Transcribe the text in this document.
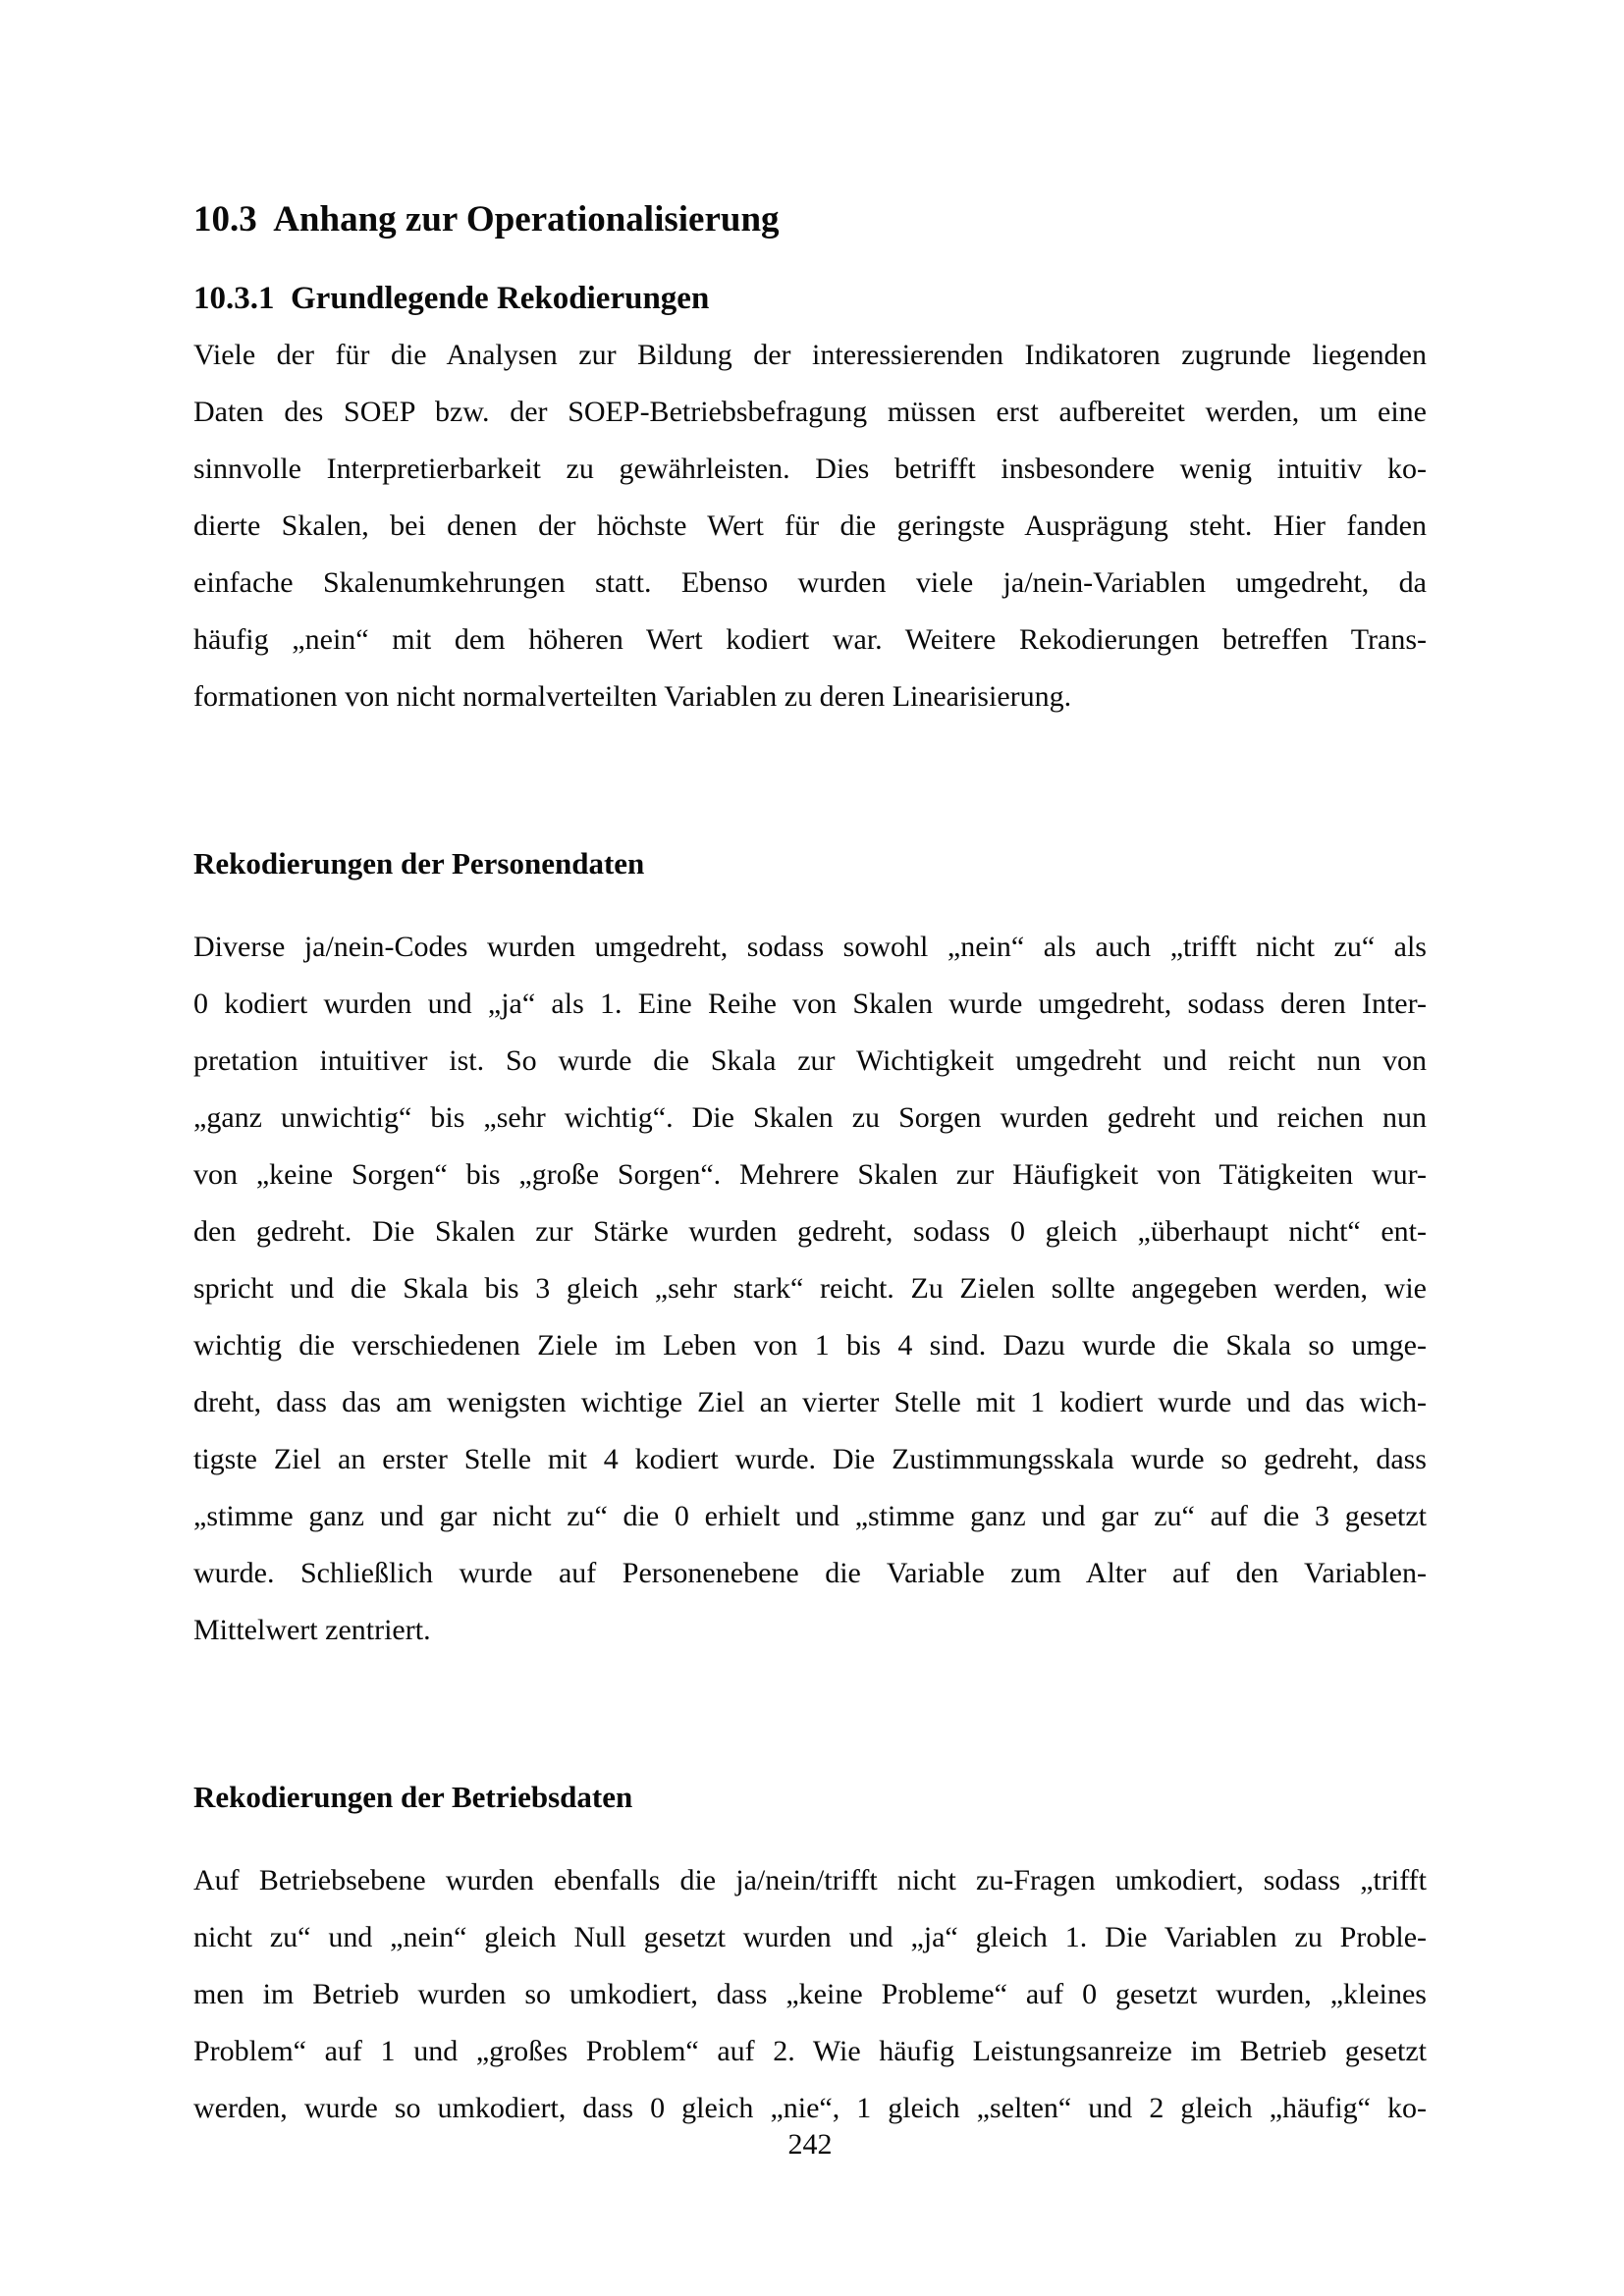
10.3  Anhang zur Operationalisierung
10.3.1  Grundlegende Rekodierungen
Viele der für die Analysen zur Bildung der interessierenden Indikatoren zugrunde liegenden
Daten des SOEP bzw. der SOEP-Betriebsbefragung müssen erst aufbereitet werden, um eine
sinnvolle Interpretierbarkeit zu gewährleisten. Dies betrifft insbesondere wenig intuitiv ko-
dierte Skalen, bei denen der höchste Wert für die geringste Ausprägung steht. Hier fanden
einfache Skalenumkehrungen statt. Ebenso wurden viele ja/nein-Variablen umgedreht, da
häufig „nein“ mit dem höheren Wert kodiert war. Weitere Rekodierungen betreffen Trans-
formationen von nicht normalverteilten Variablen zu deren Linearisierung.
Rekodierungen der Personendaten
Diverse ja/nein-Codes wurden umgedreht, sodass sowohl „nein“ als auch „trifft nicht zu“ als
0 kodiert wurden und „ja“ als 1. Eine Reihe von Skalen wurde umgedreht, sodass deren Inter-
pretation intuitiver ist. So wurde die Skala zur Wichtigkeit umgedreht und reicht nun von
„ganz unwichtig“ bis „sehr wichtig“. Die Skalen zu Sorgen wurden gedreht und reichen nun
von „keine Sorgen“ bis „große Sorgen“. Mehrere Skalen zur Häufigkeit von Tätigkeiten wur-
den gedreht. Die Skalen zur Stärke wurden gedreht, sodass 0 gleich „überhaupt nicht“ ent-
spricht und die Skala bis 3 gleich „sehr stark“ reicht. Zu Zielen sollte angegeben werden, wie
wichtig die verschiedenen Ziele im Leben von 1 bis 4 sind. Dazu wurde die Skala so umge-
dreht, dass das am wenigsten wichtige Ziel an vierter Stelle mit 1 kodiert wurde und das wich-
tigste Ziel an erster Stelle mit 4 kodiert wurde. Die Zustimmungsskala wurde so gedreht, dass
„stimme ganz und gar nicht zu“ die 0 erhielt und „stimme ganz und gar zu“ auf die 3 gesetzt
wurde. Schließlich wurde auf Personenebene die Variable zum Alter auf den Variablen-
Mittelwert zentriert.
Rekodierungen der Betriebsdaten
Auf Betriebsebene wurden ebenfalls die ja/nein/trifft nicht zu-Fragen umkodiert, sodass „trifft
nicht zu“ und „nein“ gleich Null gesetzt wurden und „ja“ gleich 1. Die Variablen zu Proble-
men im Betrieb wurden so umkodiert, dass „keine Probleme“ auf 0 gesetzt wurden, „kleines
Problem“ auf 1 und „großes Problem“ auf 2. Wie häufig Leistungsanreize im Betrieb gesetzt
werden, wurde so umkodiert, dass 0 gleich „nie“, 1 gleich „selten“ und 2 gleich „häufig“ ko-
242
